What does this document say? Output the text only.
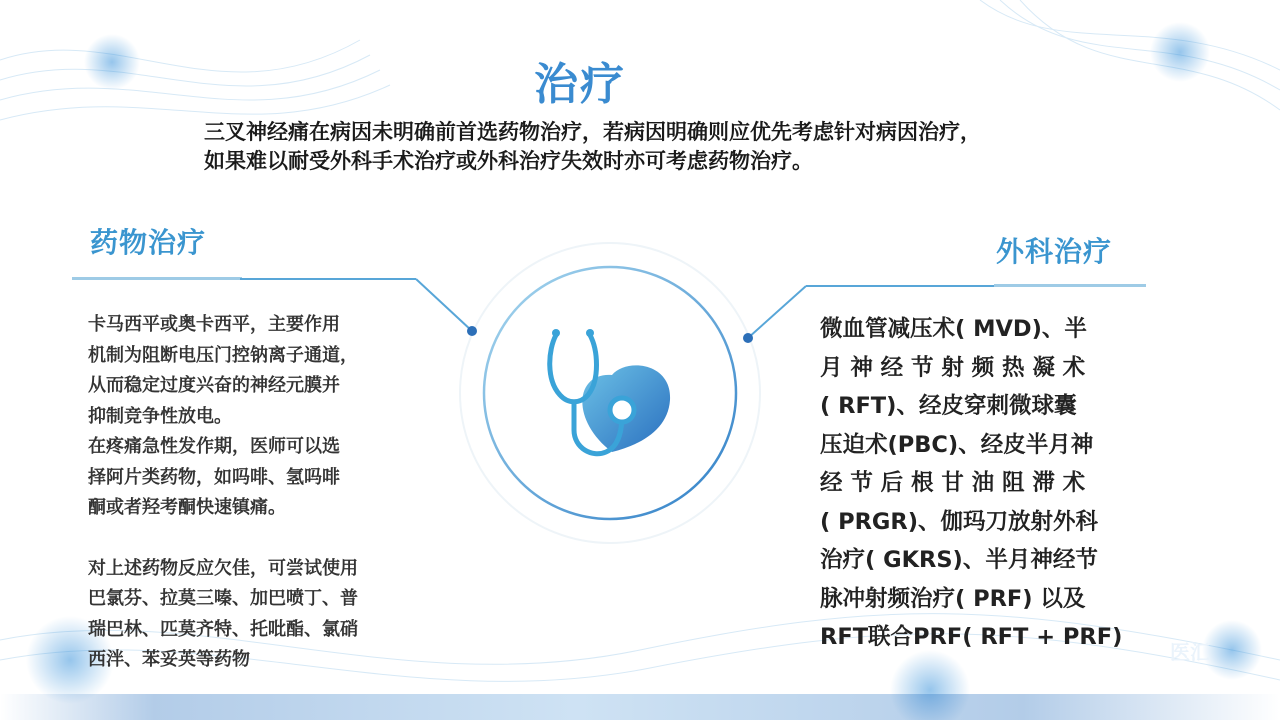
治疗
三叉神经痛在病因未明确前首选药物治疗，若病因明确则应优先考虑针对病因治疗，
如果难以耐受外科手术治疗或外科治疗失效时亦可考虑药物治疗。
药物治疗	外科治疗
卡马西平或奥卡西平，主要作用
机制为阻断电压门控钠离子通道，
从而稳定过度兴奋的神经元膜并
抑制竞争性放电。
在疼痛急性发作期，医师可以选
择阿片类药物，如吗啡、氢吗啡
酮或者羟考酮快速镇痛。
对上述药物反应欠佳，可尝试使用
巴氯芬、拉莫三嗪、加巴喷丁、普
瑞巴林、匹莫齐特、托吡酯、氯硝
西泮、苯妥英等药物
微血管减压术( MVD)、半
月 神 经 节 射 频 热 凝 术
( RFT)、经皮穿刺微球囊
压迫术(PBC)、经皮半月神
经 节 后 根 甘 油 阻 滞 术
( PRGR)、伽玛刀放射外科
治疗( GKRS)、半月神经节
脉冲射频治疗( PRF) 以及
RFT联合PRF( RFT + PRF)
医汇
